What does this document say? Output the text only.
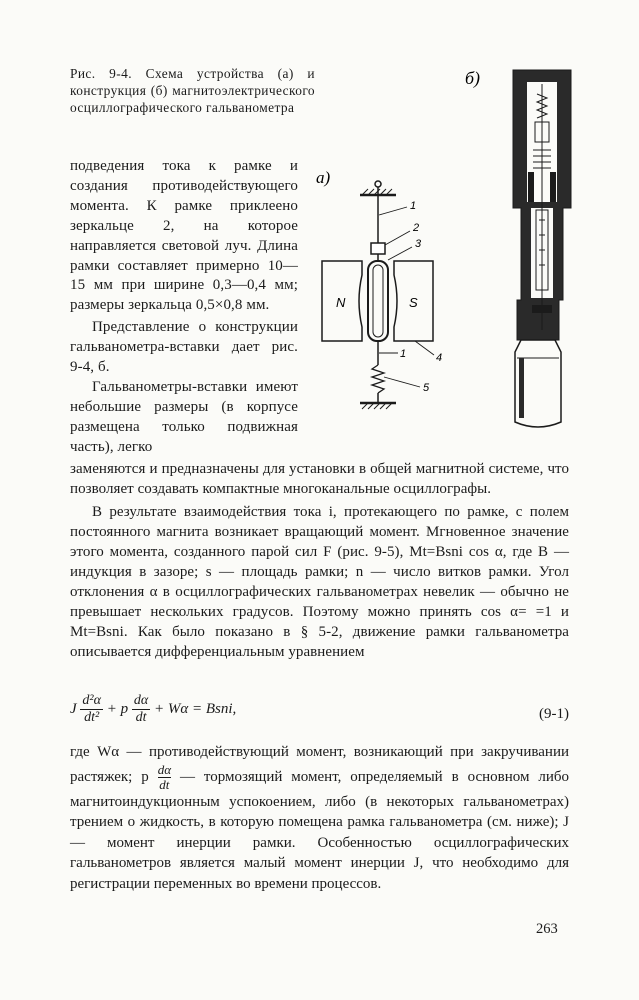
Рис. 9-4. Схема устройства (а) и конструкция (б) магнитоэлектрического осциллографического гальванометра

подведения тока к рамке и создания противодействующего момента. К рамке приклеено зеркальце 2, на которое направляется световой луч. Длина рамки составляет примерно 10—15 мм при ширине 0,3—0,4 мм; размеры зеркальца 0,5×0,8 мм.

Представление о конструкции гальванометра-вставки дает рис. 9-4, б.

Гальванометры-вставки имеют небольшие размеры (в корпусе размещена только подвижная часть), легко

а)
N	S
1
2
3
1	4
5
б)

заменяются и предназначены для установки в общей магнитной системе, что позволяет создавать компактные многоканальные осциллографы.

В результате взаимодействия тока i, протекающего по рамке, с полем постоянного магнита возникает вращающий момент. Мгновенное значение этого момента, созданного парой сил F (рис. 9-5), Mt=Bsni cos α, где B — индукция в зазоре; s — площадь рамки; n — число витков рамки. Угол отклонения α в осциллографических гальванометрах невелик — обычно не превышает нескольких градусов. Поэтому можно принять cos α= =1 и Mt=Bsni. Как было показано в § 5-2, движение рамки гальванометра описывается дифференциальным уравнением

J $\frac{\text{d²α}}{\text{dt²}} + p \frac{d\alpha}{dt} + W\alpha$ = Bsni,	(9-1)

где Wα — противодействующий момент, возникающий при закручивании растяжек; p $\frac{d\alpha}{dt}$ — тормозящий момент, определяемый в основном либо магнитоиндукционным успокоением, либо (в некоторых гальванометрах) трением о жидкость, в которую помещена рамка гальванометра (см. ниже); J — момент инерции рамки. Особенностью осциллографических гальванометров является малый момент инерции J, что необходимо для регистрации переменных во времени процессов.

263
